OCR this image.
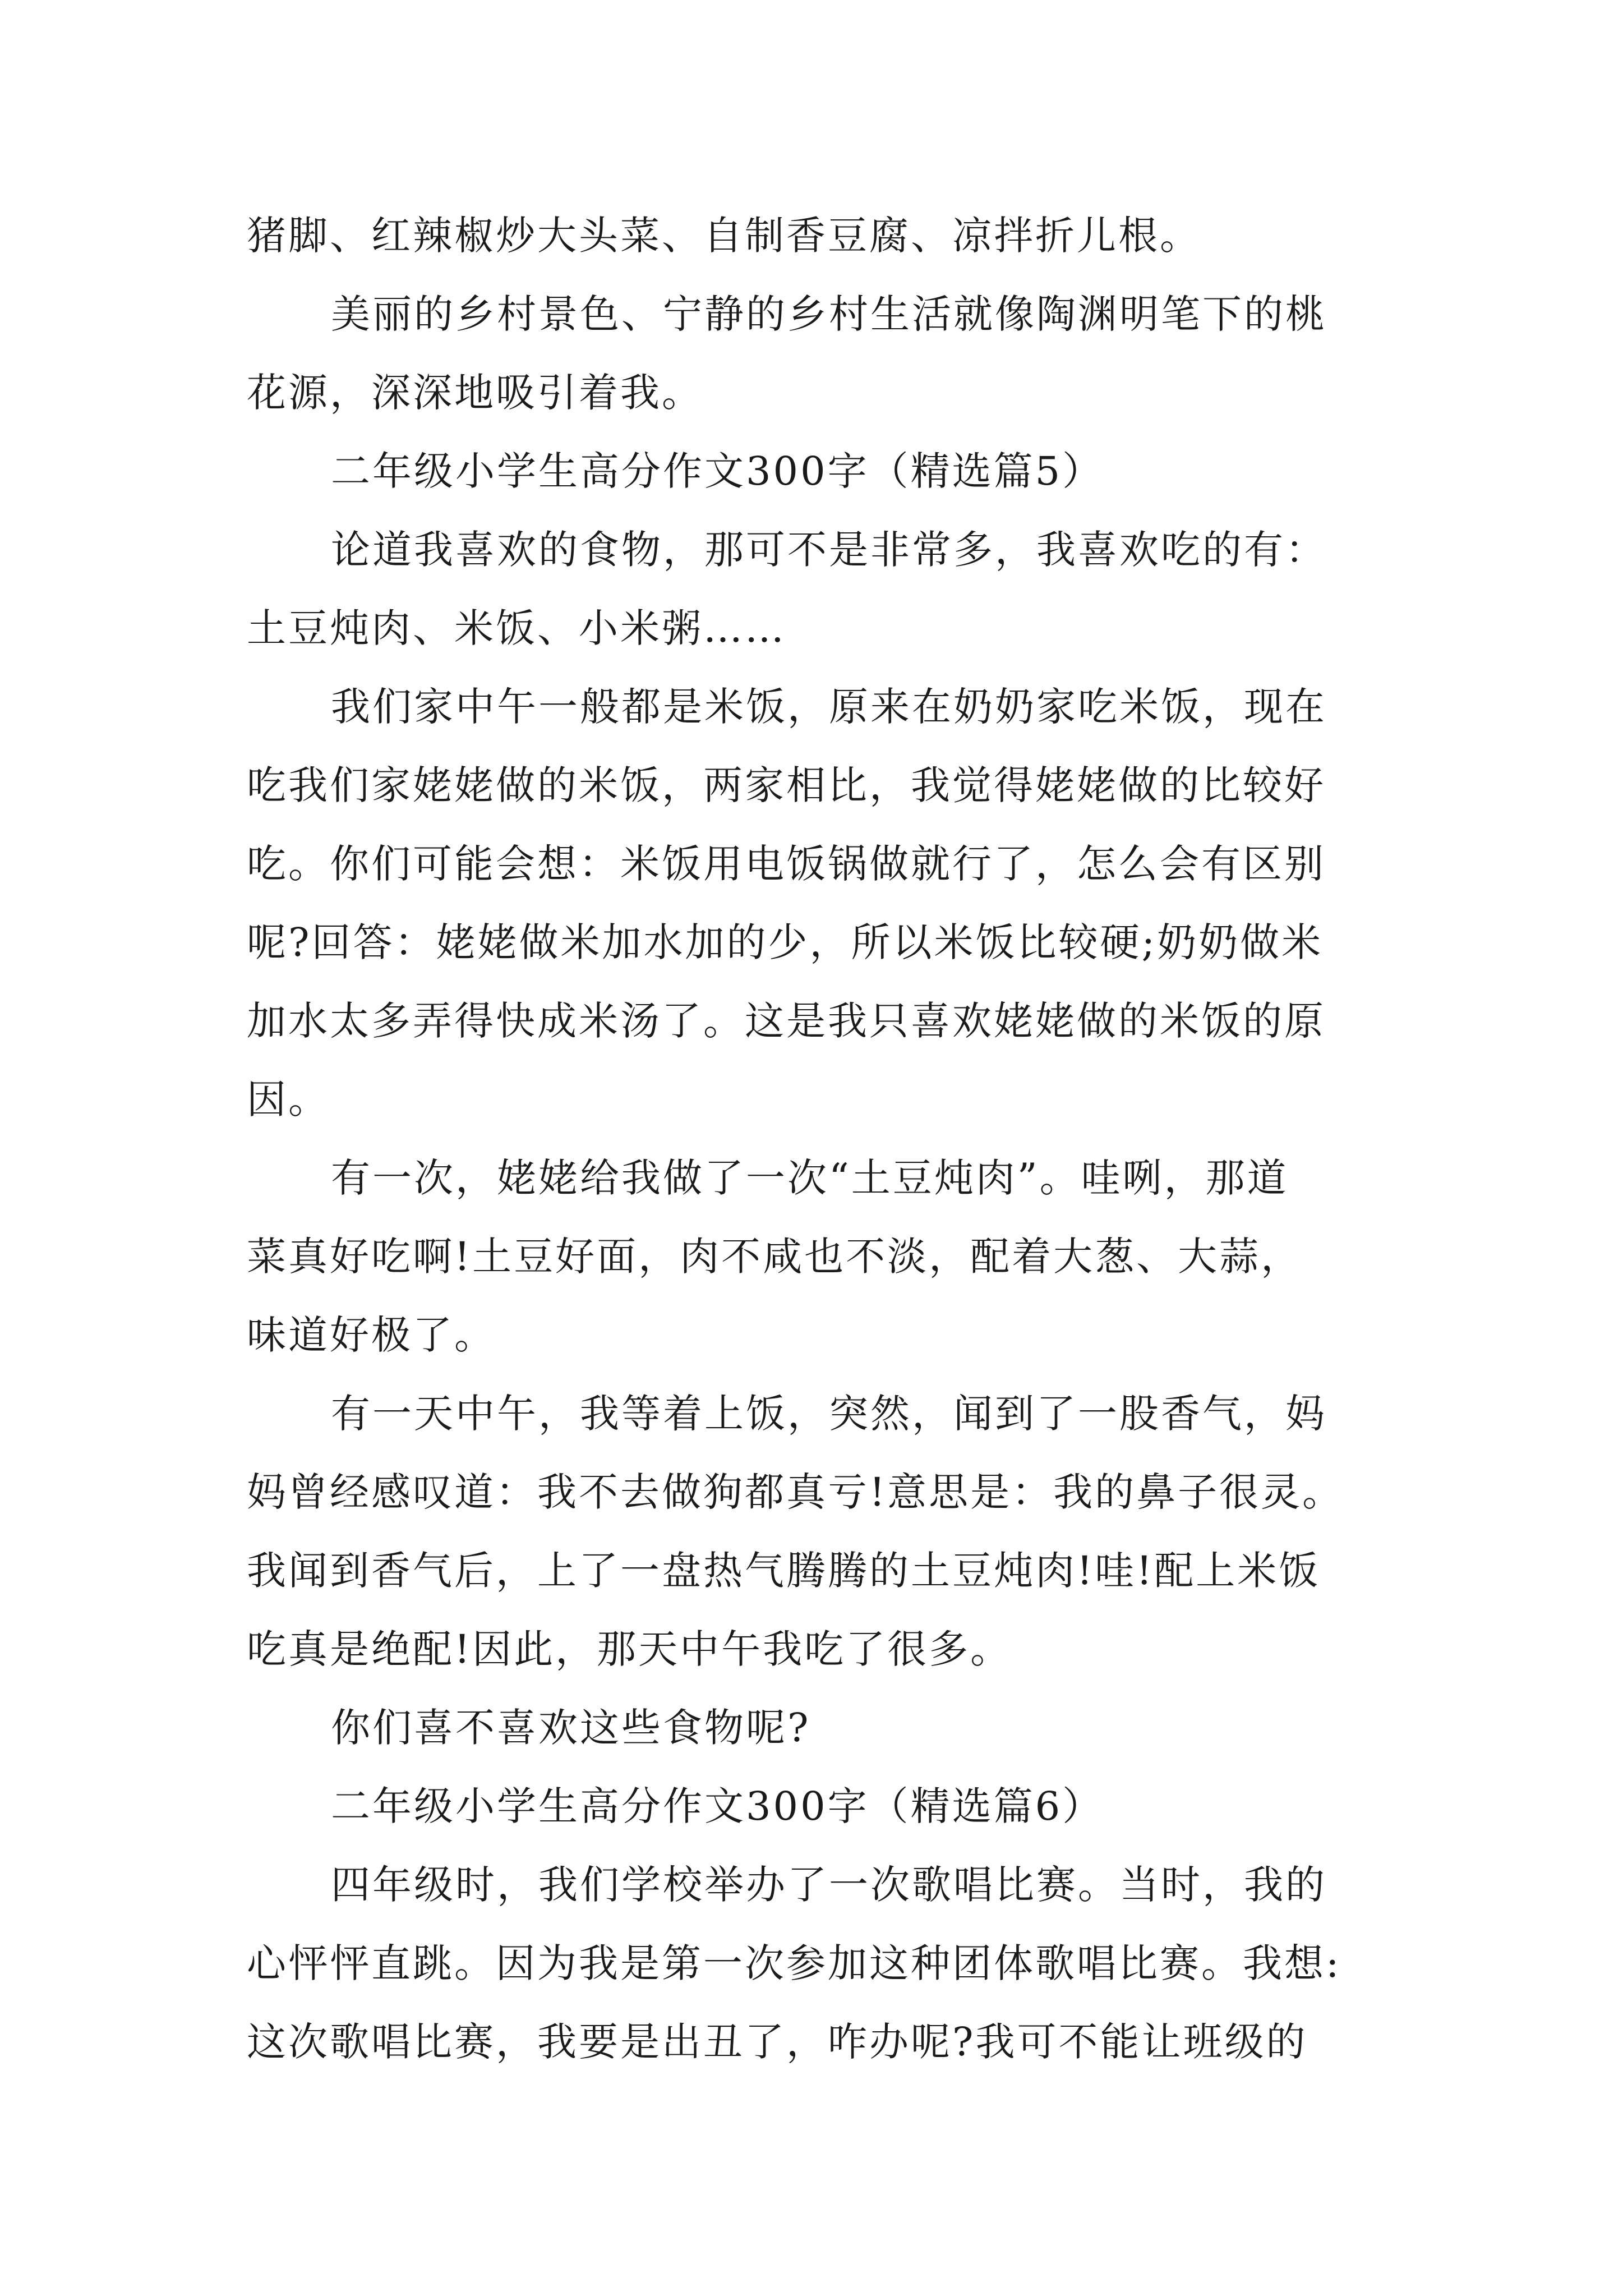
猪脚、红辣椒炒大头菜、自制香豆腐、凉拌折儿根。
美丽的乡村景色、宁静的乡村生活就像陶渊明笔下的桃
花源，深深地吸引着我。
二年级小学生高分作文300字（精选篇5）
论道我喜欢的食物，那可不是非常多，我喜欢吃的有：
土豆炖肉、米饭、小米粥……
我们家中午一般都是米饭，原来在奶奶家吃米饭，现在
吃我们家姥姥做的米饭，两家相比，我觉得姥姥做的比较好
吃。你们可能会想：米饭用电饭锅做就行了，怎么会有区别
呢?回答：姥姥做米加水加的少，所以米饭比较硬;奶奶做米
加水太多弄得快成米汤了。这是我只喜欢姥姥做的米饭的原
因。
有一次，姥姥给我做了一次“土豆炖肉”。哇咧，那道
菜真好吃啊!土豆好面，肉不咸也不淡，配着大葱、大蒜，
味道好极了。
有一天中午，我等着上饭，突然，闻到了一股香气，妈
妈曾经感叹道：我不去做狗都真亏!意思是：我的鼻子很灵。
我闻到香气后，上了一盘热气腾腾的土豆炖肉!哇!配上米饭
吃真是绝配!因此，那天中午我吃了很多。
你们喜不喜欢这些食物呢?
二年级小学生高分作文300字（精选篇6）
四年级时，我们学校举办了一次歌唱比赛。当时，我的
心怦怦直跳。因为我是第一次参加这种团体歌唱比赛。我想:
这次歌唱比赛，我要是出丑了，咋办呢?我可不能让班级的
